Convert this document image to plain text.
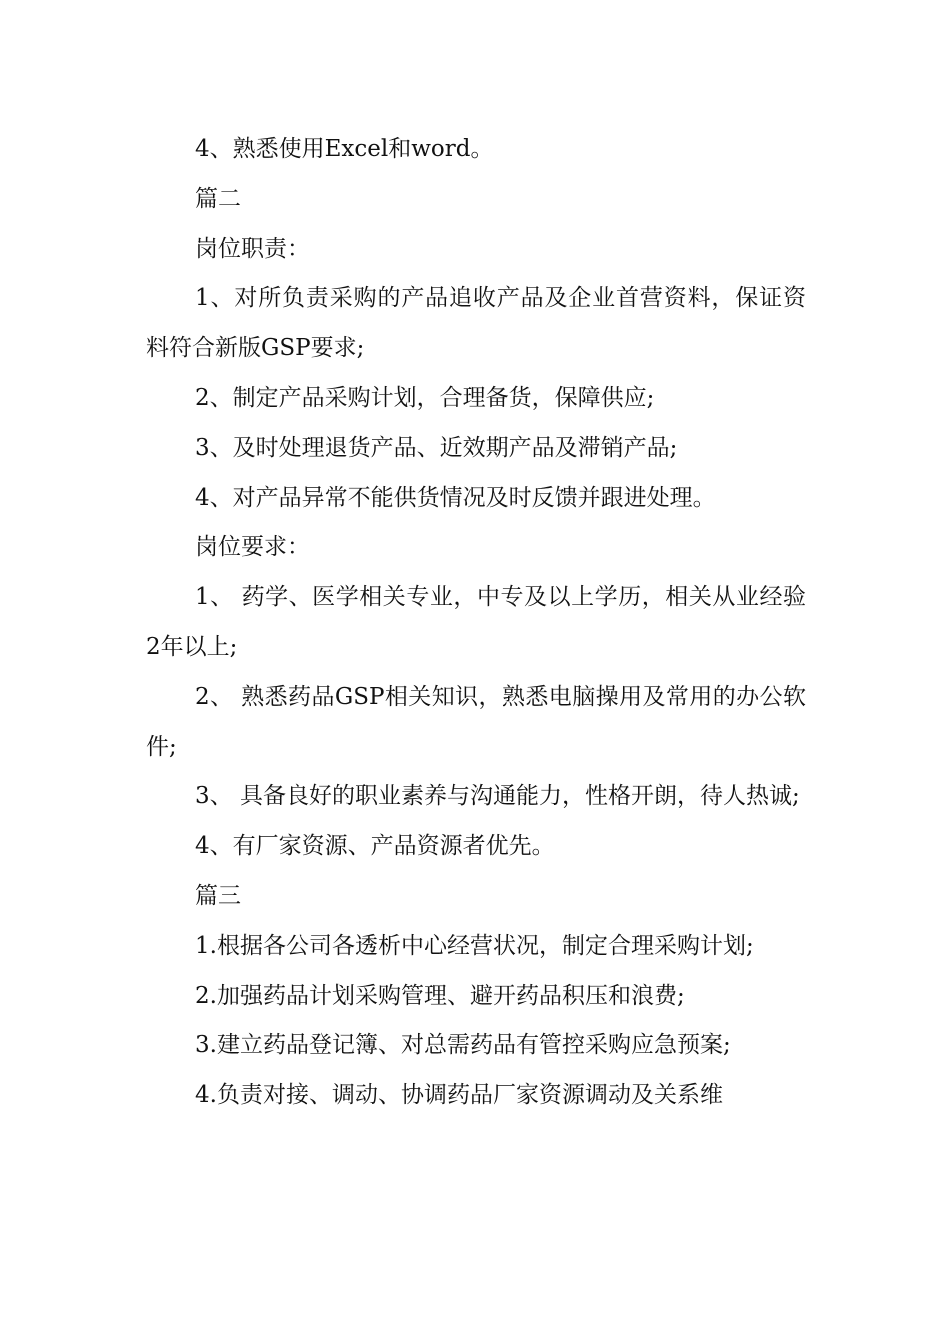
4、熟悉使用Excel和word。

篇二

岗位职责：

1、对所负责采购的产品追收产品及企业首营资料，保证资料符合新版GSP要求;

2、制定产品采购计划，合理备货，保障供应;

3、及时处理退货产品、近效期产品及滞销产品;

4、对产品异常不能供货情况及时反馈并跟进处理。

岗位要求：

1、 药学、医学相关专业，中专及以上学历，相关从业经验2年以上;

2、 熟悉药品GSP相关知识，熟悉电脑操用及常用的办公软件;

3、 具备良好的职业素养与沟通能力，性格开朗，待人热诚;

4、有厂家资源、产品资源者优先。

篇三

1.根据各公司各透析中心经营状况，制定合理采购计划;

2.加强药品计划采购管理、避开药品积压和浪费;

3.建立药品登记簿、对总需药品有管控采购应急预案;

4.负责对接、调动、协调药品厂家资源调动及关系维
